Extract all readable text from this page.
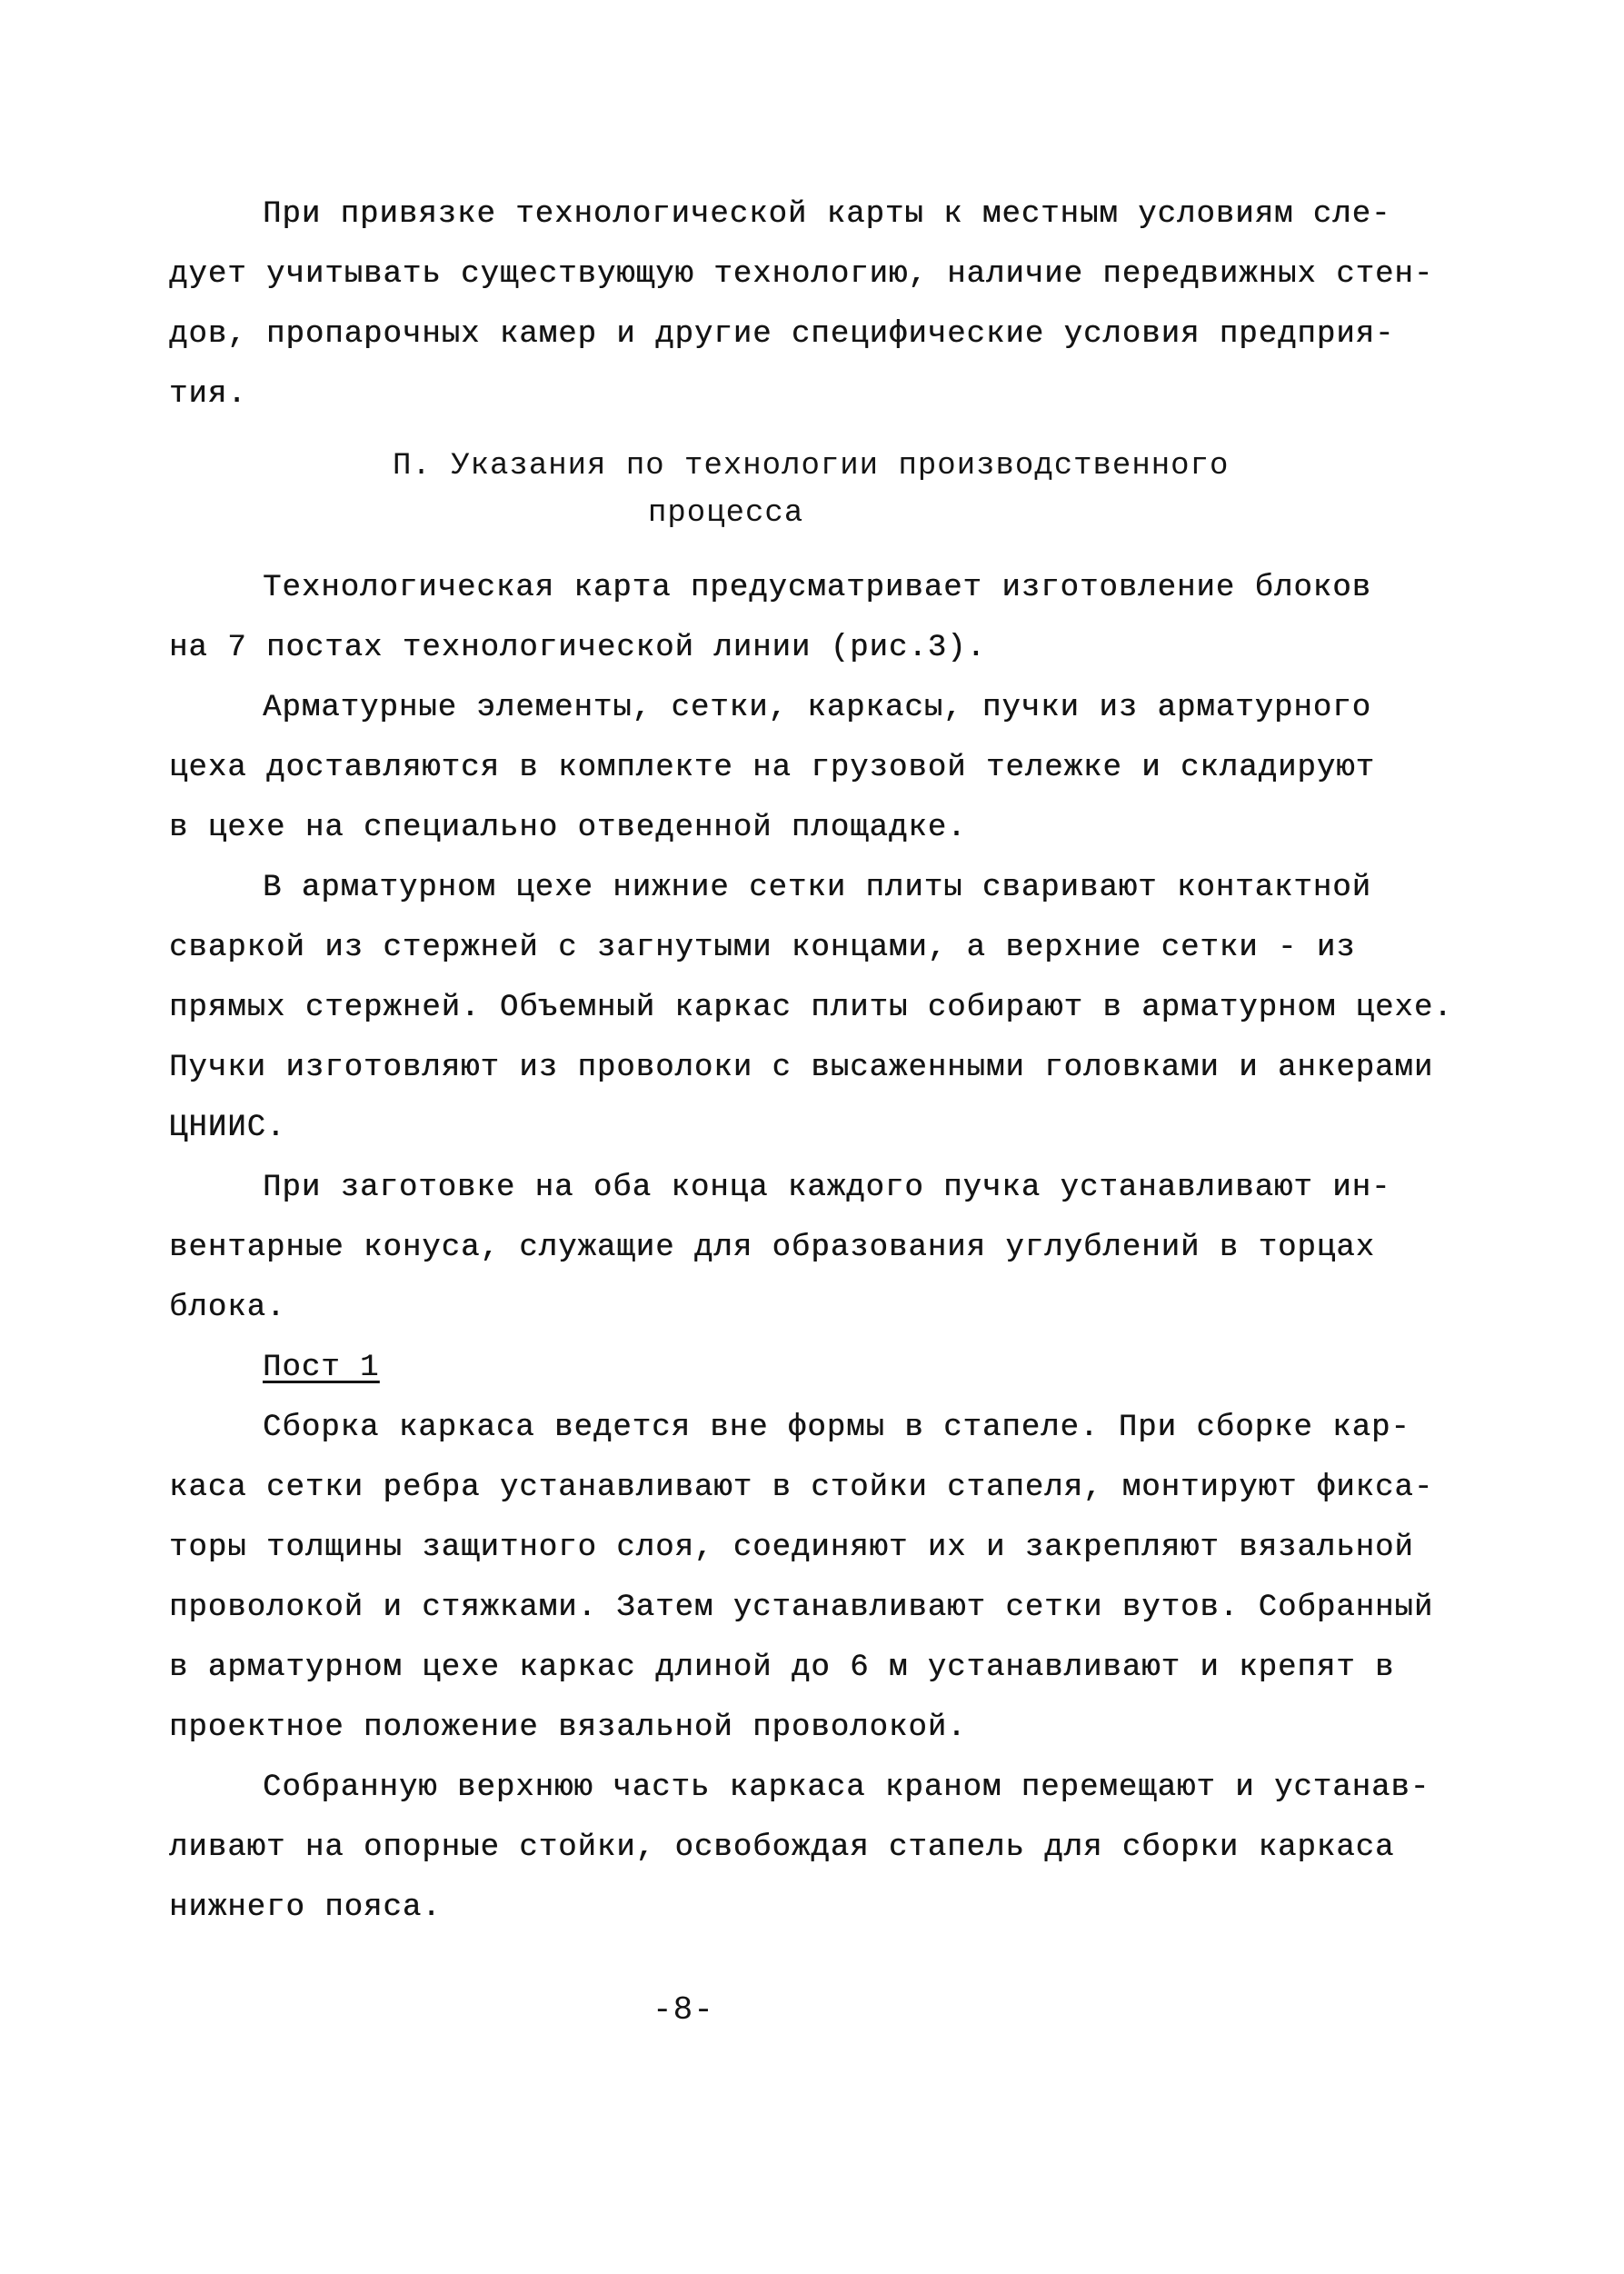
При привязке технологической карты к местным условиям сле-
дует учитывать существующую технологию, наличие передвижных стен-
дов, пропарочных камер и другие специфические условия предприя-
тия.
П. Указания по технологии производственного
процесса
Технологическая карта предусматривает изготовление блоков
на 7 постах технологической линии (рис.3).
Арматурные элементы, сетки, каркасы, пучки из арматурного
цеха доставляются в комплекте на грузовой тележке и складируют
в цехе на специально отведенной площадке.
В арматурном цехе нижние сетки плиты сваривают контактной
сваркой из стержней с загнутыми концами, а верхние сетки - из
прямых стержней. Объемный каркас плиты собирают в арматурном цехе.
Пучки изготовляют из проволоки с высаженными головками и анкерами
ЦНИИС.
При заготовке на оба конца каждого пучка устанавливают ин-
вентарные конуса, служащие для образования углублений в торцах
блока.
Пост 1
Сборка каркаса ведется вне формы в стапеле. При сборке кар-
каса сетки ребра устанавливают в стойки стапеля, монтируют фикса-
торы толщины защитного слоя, соединяют их и закрепляют вязальной
проволокой и стяжками. Затем устанавливают сетки вутов. Собранный
в арматурном цехе каркас длиной до 6 м устанавливают и крепят в
проектное положение вязальной проволокой.
Собранную верхнюю часть каркаса краном перемещают и устанав-
ливают на опорные стойки, освобождая стапель для сборки каркаса
нижнего пояса.
-8-
